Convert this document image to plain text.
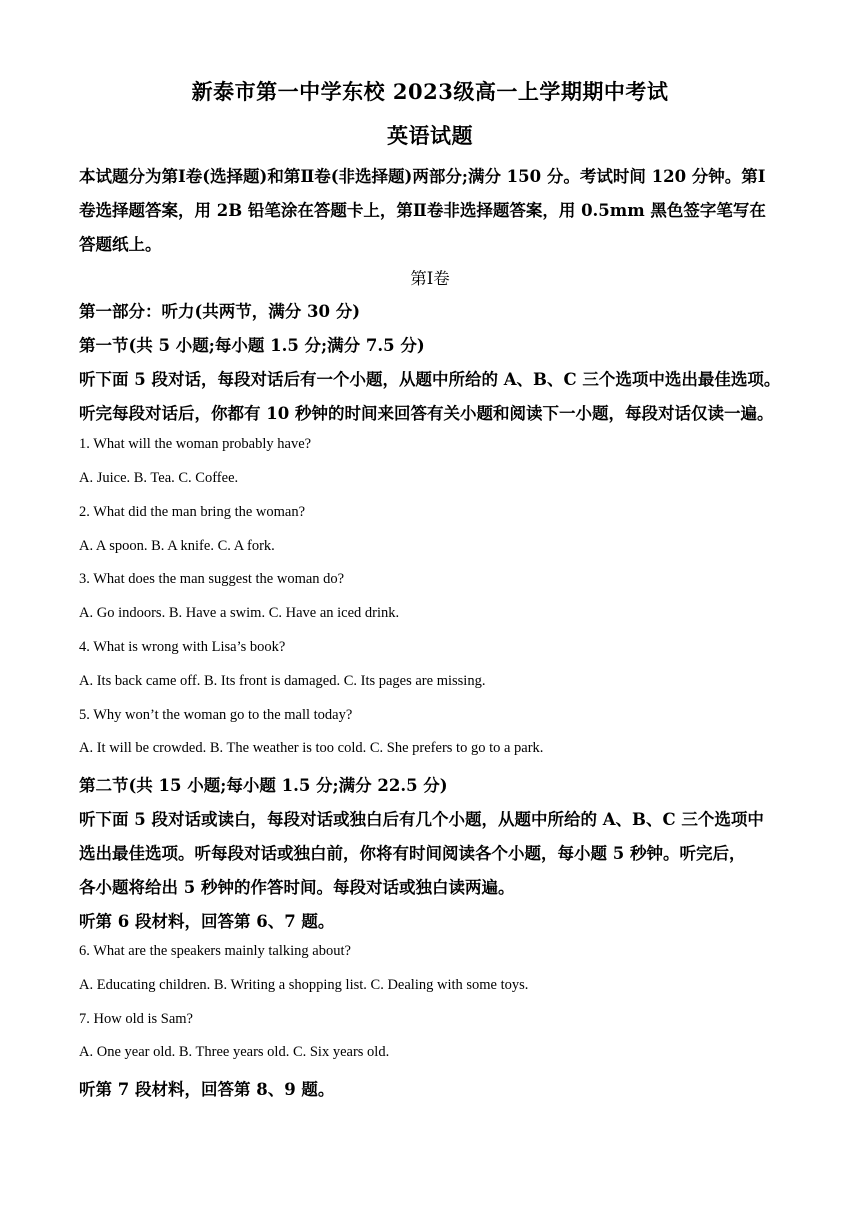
新泰市第一中学东校 2023级高一上学期期中考试
英语试题
本试题分为第Ⅰ卷(选择题)和第Ⅱ卷(非选择题)两部分;满分 150 分。考试时间 120 分钟。第Ⅰ
卷选择题答案，用 2B 铅笔涂在答题卡上，第Ⅱ卷非选择题答案，用 0.5mm 黑色签字笔写在
答题纸上。
第Ⅰ卷
第一部分：听力(共两节，满分 30 分)
第一节(共 5 小题;每小题 1.5 分;满分 7.5 分)
听下面 5 段对话，每段对话后有一个小题，从题中所给的 A、B、C 三个选项中选出最佳选项。
听完每段对话后，你都有 10 秒钟的时间来回答有关小题和阅读下一小题，每段对话仅读一遍。
1. What will the woman probably have?
A. Juice. B. Tea. C. Coffee.
2. What did the man bring the woman?
A. A spoon. B. A knife. C. A fork.
3. What does the man suggest the woman do?
A. Go indoors. B. Have a swim. C. Have an iced drink.
4. What is wrong with Lisa’s book?
A. Its back came off. B. Its front is damaged. C. Its pages are missing.
5. Why won’t the woman go to the mall today?
A. It will be crowded. B. The weather is too cold. C. She prefers to go to a park.
第二节(共 15 小题;每小题 1.5 分;满分 22.5 分)
听下面 5 段对话或读白，每段对话或独白后有几个小题，从题中所给的 A、B、C 三个选项中
选出最佳选项。听每段对话或独白前，你将有时间阅读各个小题，每小题 5 秒钟。听完后，
各小题将给出 5 秒钟的作答时间。每段对话或独白读两遍。
听第 6 段材料，回答第 6、7 题。
6. What are the speakers mainly talking about?
A. Educating children. B. Writing a shopping list. C. Dealing with some toys.
7. How old is Sam?
A. One year old. B. Three years old. C. Six years old.
听第 7 段材料，回答第 8、9 题。
